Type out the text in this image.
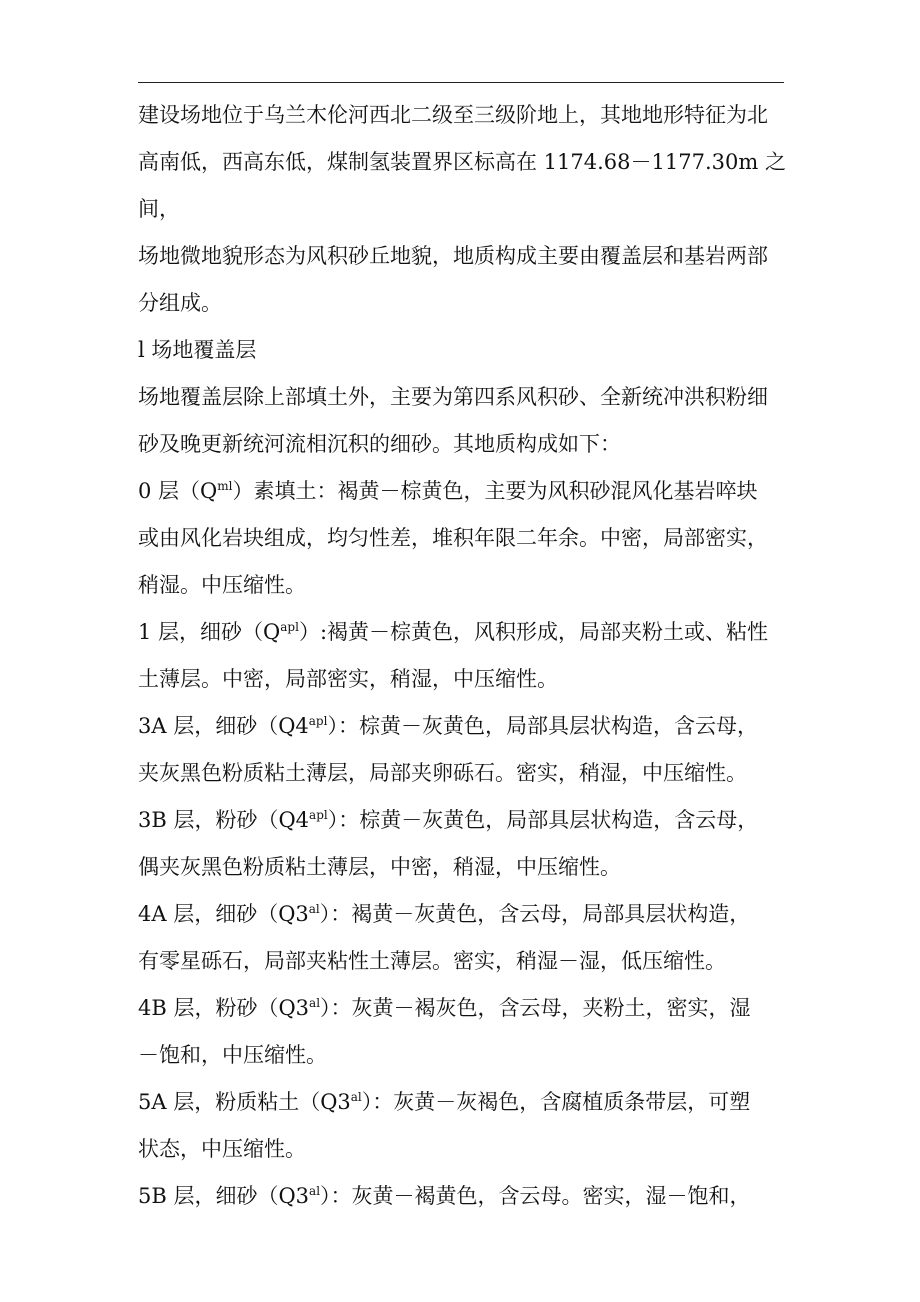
建设场地位于乌兰木伦河西北二级至三级阶地上，其地地形特征为北
高南低，西高东低，煤制氢装置界区标高在 1174.68－1177.30m 之间，
场地微地貌形态为风积砂丘地貌，地质构成主要由覆盖层和基岩两部
分组成。
l 场地覆盖层
场地覆盖层除上部填土外，主要为第四系风积砂、全新统冲洪积粉细
砂及晚更新统河流相沉积的细砂。其地质构成如下：
0 层$(Q^{ml})$素填土：褐黄－棕黄色，主要为风积砂混风化基岩啐块
或由风化岩块组成，均匀性差，堆积年限二年余。中密，局部密实，
稍湿。中压缩性。
1 层，细砂$(Q^{apl})$:褐黄－棕黄色，风积形成，局部夹粉土或、粘性
土薄层。中密，局部密实，稍湿，中压缩性。
3A 层，细砂$(Q4^{apl})$：棕黄－灰黄色，局部具层状构造，含云母，
夹灰黑色粉质粘土薄层，局部夹卵砾石。密实，稍湿，中压缩性。
3B 层，粉砂$(Q4^{apl})$：棕黄－灰黄色，局部具层状构造，含云母，
偶夹灰黑色粉质粘土薄层，中密，稍湿，中压缩性。
4A 层，细砂$(Q3^{al})$：褐黄－灰黄色，含云母，局部具层状构造，
有零星砾石，局部夹粘性土薄层。密实，稍湿－湿，低压缩性。
4B 层，粉砂$(Q3^{al})$：灰黄－褐灰色，含云母，夹粉土，密实，湿
－饱和，中压缩性。
5A 层，粉质粘土$(Q3^{al})$：灰黄－灰褐色，含腐植质条带层，可塑
状态，中压缩性。
5B 层，细砂$(Q3^{al})$：灰黄－褐黄色，含云母。密实，湿－饱和，
